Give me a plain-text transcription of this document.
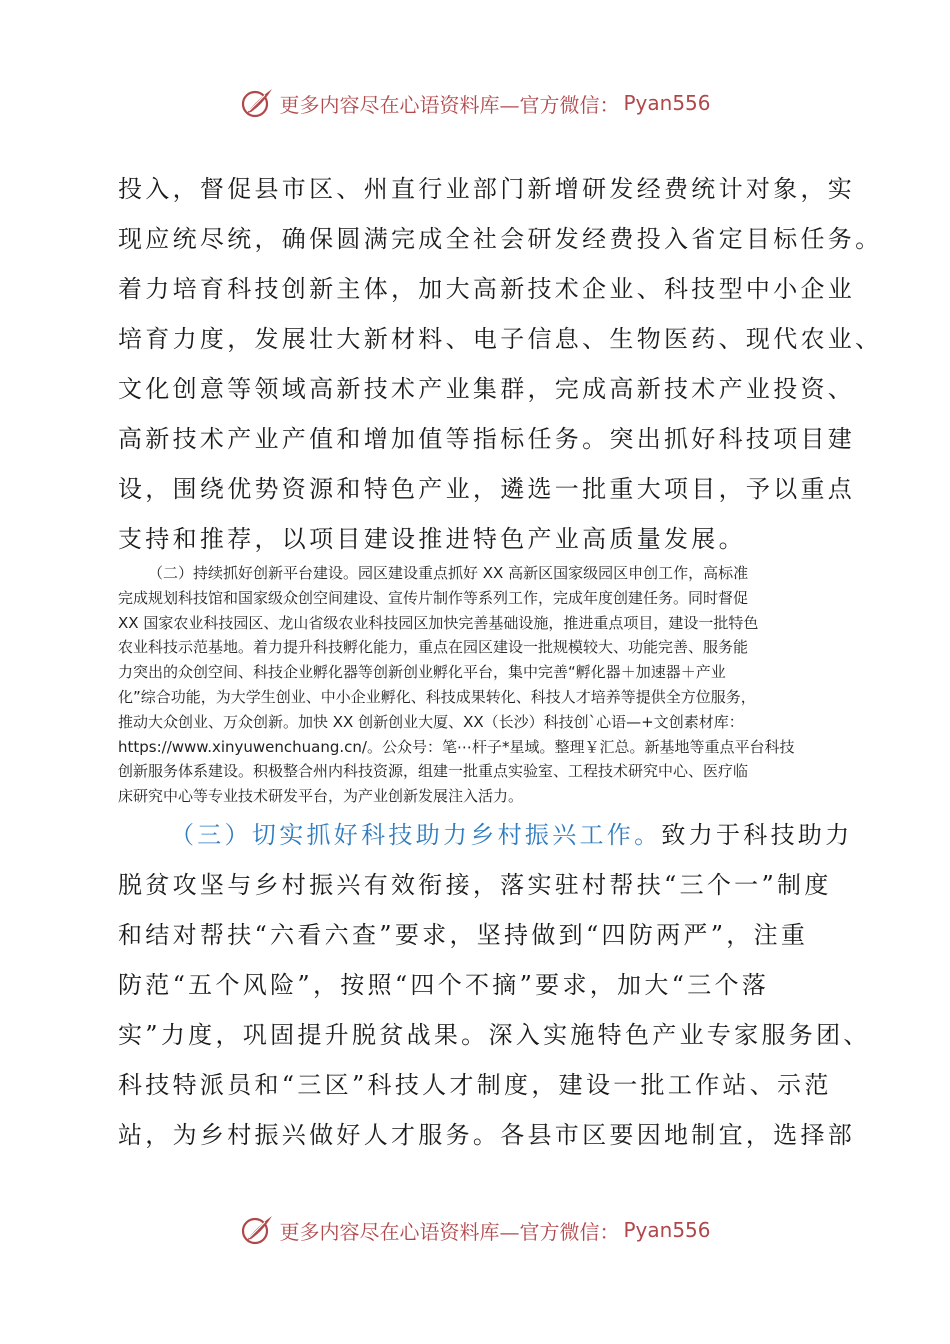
更多内容尽在心语资料库—官方微信： Pyan556
投入，督促县市区、州直行业部门新增研发经费统计对象，实
现应统尽统，确保圆满完成全社会研发经费投入省定目标任务。
着力培育科技创新主体，加大高新技术企业、科技型中小企业
培育力度，发展壮大新材料、电子信息、生物医药、现代农业、
文化创意等领域高新技术产业集群，完成高新技术产业投资、
高新技术产业产值和增加值等指标任务。突出抓好科技项目建
设，围绕优势资源和特色产业，遴选一批重大项目，予以重点
支持和推荐，以项目建设推进特色产业高质量发展。
（二）持续抓好创新平台建设。园区建设重点抓好 XX 高新区国家级园区申创工作，高标准
完成规划科技馆和国家级众创空间建设、宣传片制作等系列工作，完成年度创建任务。同时督促
XX 国家农业科技园区、龙山省级农业科技园区加快完善基础设施，推进重点项目，建设一批特色
农业科技示范基地。着力提升科技孵化能力，重点在园区建设一批规模较大、功能完善、服务能
力突出的众创空间、科技企业孵化器等创新创业孵化平台，集中完善“孵化器＋加速器＋产业
化”综合功能，为大学生创业、中小企业孵化、科技成果转化、科技人才培养等提供全方位服务，
推动大众创业、万众创新。加快 XX 创新创业大厦、XX（长沙）科技创`心语—+文创素材库：
https://www.xinyuwenchuang.cn/。公众号：笔⋯杆子*星域。整理￥汇总。新基地等重点平台科技
创新服务体系建设。积极整合州内科技资源，组建一批重点实验室、工程技术研究中心、医疗临
床研究中心等专业技术研发平台，为产业创新发展注入活力。
（三）切实抓好科技助力乡村振兴工作。致力于科技助力
脱贫攻坚与乡村振兴有效衔接，落实驻村帮扶“三个一”制度
和结对帮扶“六看六查”要求，坚持做到“四防两严”，注重
防范“五个风险”，按照“四个不摘”要求，加大“三个落
实”力度，巩固提升脱贫战果。深入实施特色产业专家服务团、
科技特派员和“三区”科技人才制度，建设一批工作站、示范
站，为乡村振兴做好人才服务。各县市区要因地制宜，选择部
更多内容尽在心语资料库—官方微信： Pyan556
